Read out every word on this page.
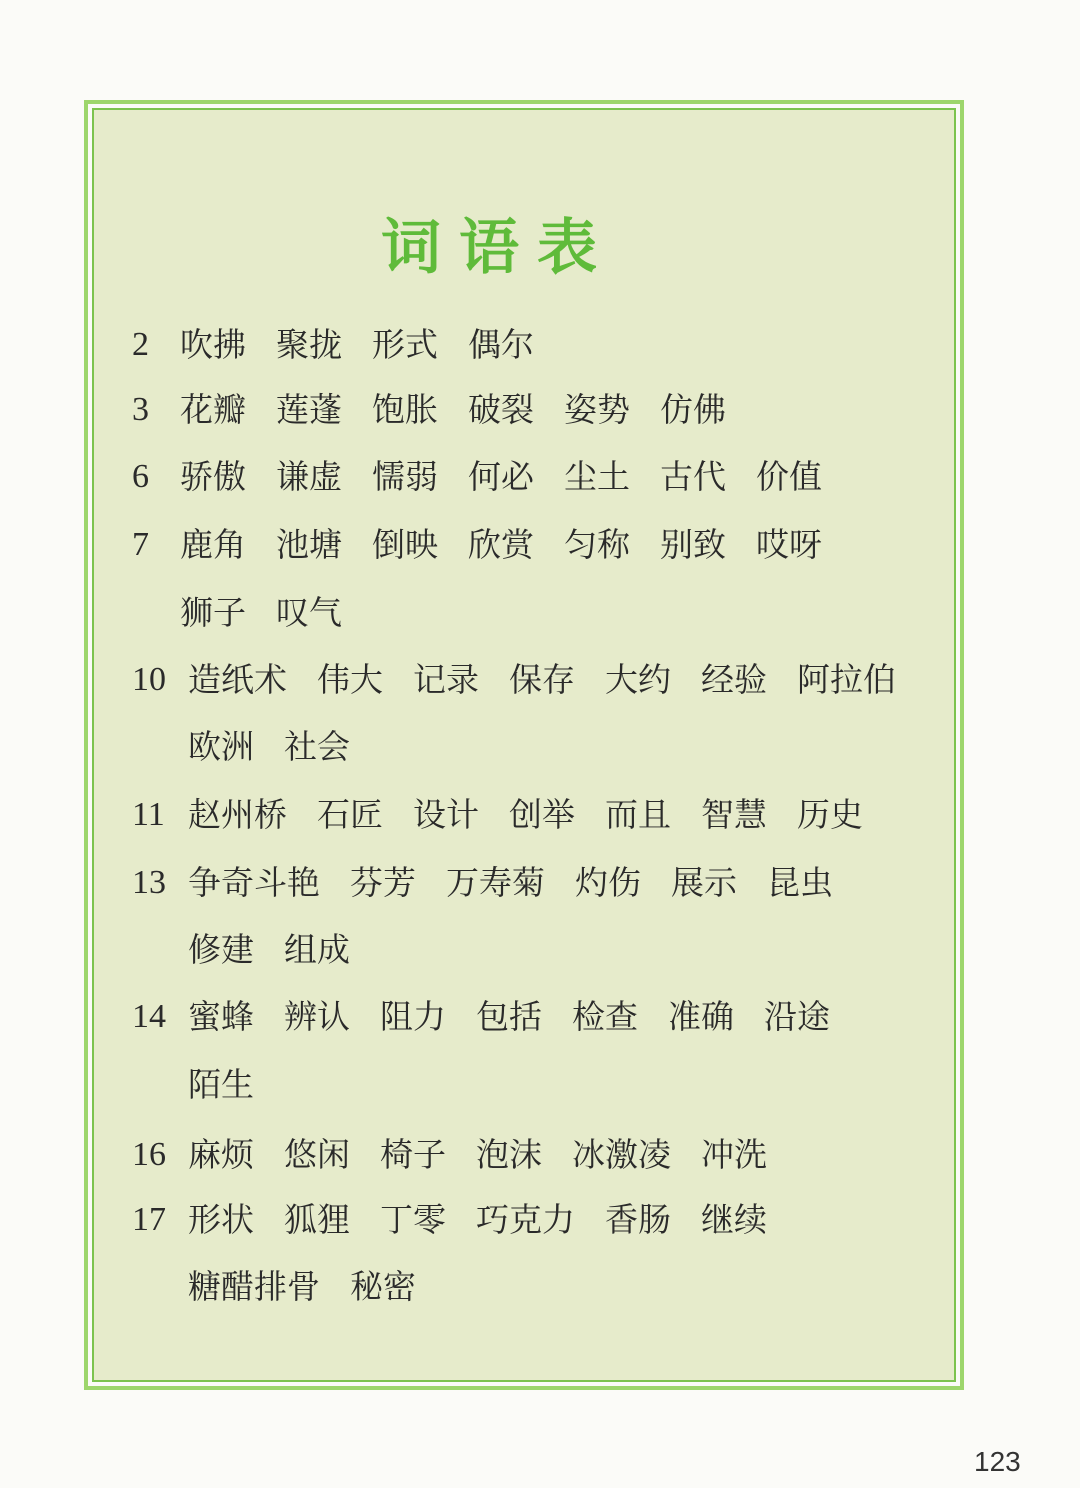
词语表
2 吹拂 聚拢 形式 偶尔
3 花瓣 莲蓬 饱胀 破裂 姿势 仿佛
6 骄傲 谦虚 懦弱 何必 尘土 古代 价值
7 鹿角 池塘 倒映 欣赏 匀称 别致 哎呀
狮子 叹气
10 造纸术 伟大 记录 保存 大约 经验 阿拉伯
欧洲 社会
11 赵州桥 石匠 设计 创举 而且 智慧 历史
13 争奇斗艳 芬芳 万寿菊 灼伤 展示 昆虫
修建 组成
14 蜜蜂 辨认 阻力 包括 检查 准确 沿途
陌生
16 麻烦 悠闲 椅子 泡沫 冰激凌 冲洗
17 形状 狐狸 丁零 巧克力 香肠 继续
糖醋排骨 秘密
123
